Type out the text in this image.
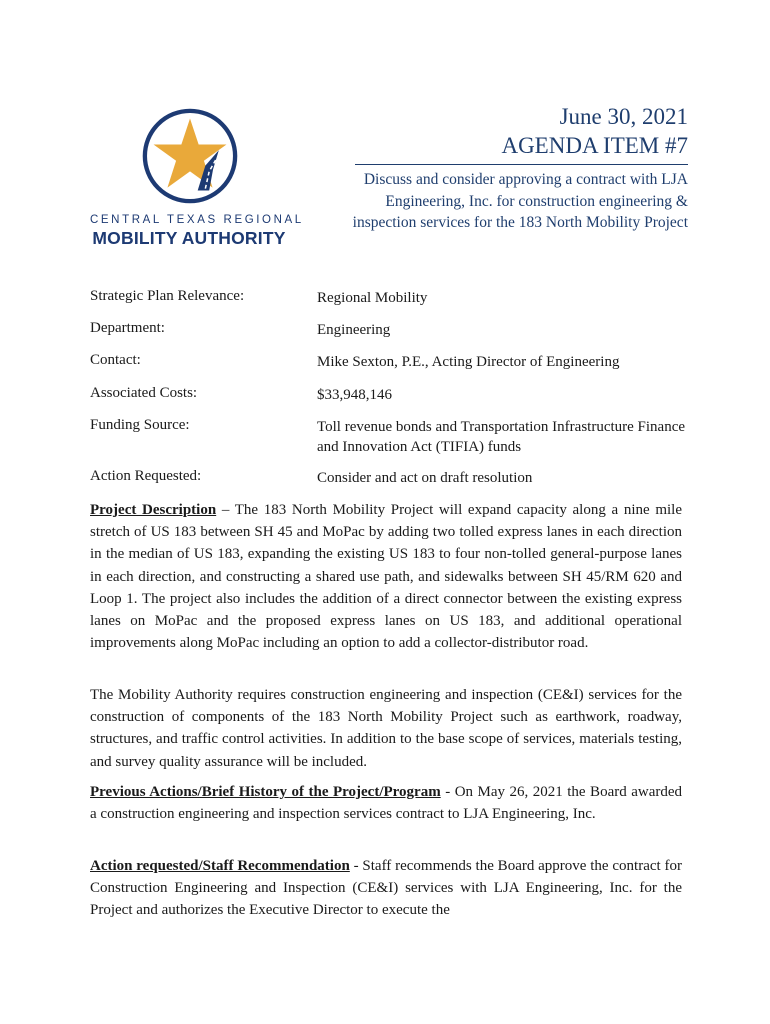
CENTRAL TEXAS REGIONAL
MOBILITY AUTHORITY
June 30, 2021
AGENDA ITEM #7
Discuss and consider approving a contract with LJA Engineering, Inc. for construction engineering & inspection services for the 183 North Mobility Project
Strategic Plan Relevance:	Regional Mobility
Department:	Engineering
Contact:	Mike Sexton, P.E., Acting Director of Engineering
Associated Costs:	$33,948,146
Funding Source:	Toll revenue bonds and Transportation Infrastructure Finance and Innovation Act (TIFIA) funds
Action Requested:	Consider and act on draft resolution

Project Description – The 183 North Mobility Project will expand capacity along a nine mile stretch of US 183 between SH 45 and MoPac by adding two tolled express lanes in each direction in the median of US 183, expanding the existing US 183 to four non-tolled general-purpose lanes in each direction, and constructing a shared use path, and sidewalks between SH 45/RM 620 and Loop 1. The project also includes the addition of a direct connector between the existing express lanes on MoPac and the proposed express lanes on US 183, and additional operational improvements along MoPac including an option to add a collector-distributor road.

The Mobility Authority requires construction engineering and inspection (CE&I) services for the construction of components of the 183 North Mobility Project such as earthwork, roadway, structures, and traffic control activities. In addition to the base scope of services, materials testing, and survey quality assurance will be included.

Previous Actions/Brief History of the Project/Program - On May 26, 2021 the Board awarded a construction engineering and inspection services contract to LJA Engineering, Inc.

Action requested/Staff Recommendation - Staff recommends the Board approve the contract for Construction Engineering and Inspection (CE&I) services with LJA Engineering, Inc. for the Project and authorizes the Executive Director to execute the
